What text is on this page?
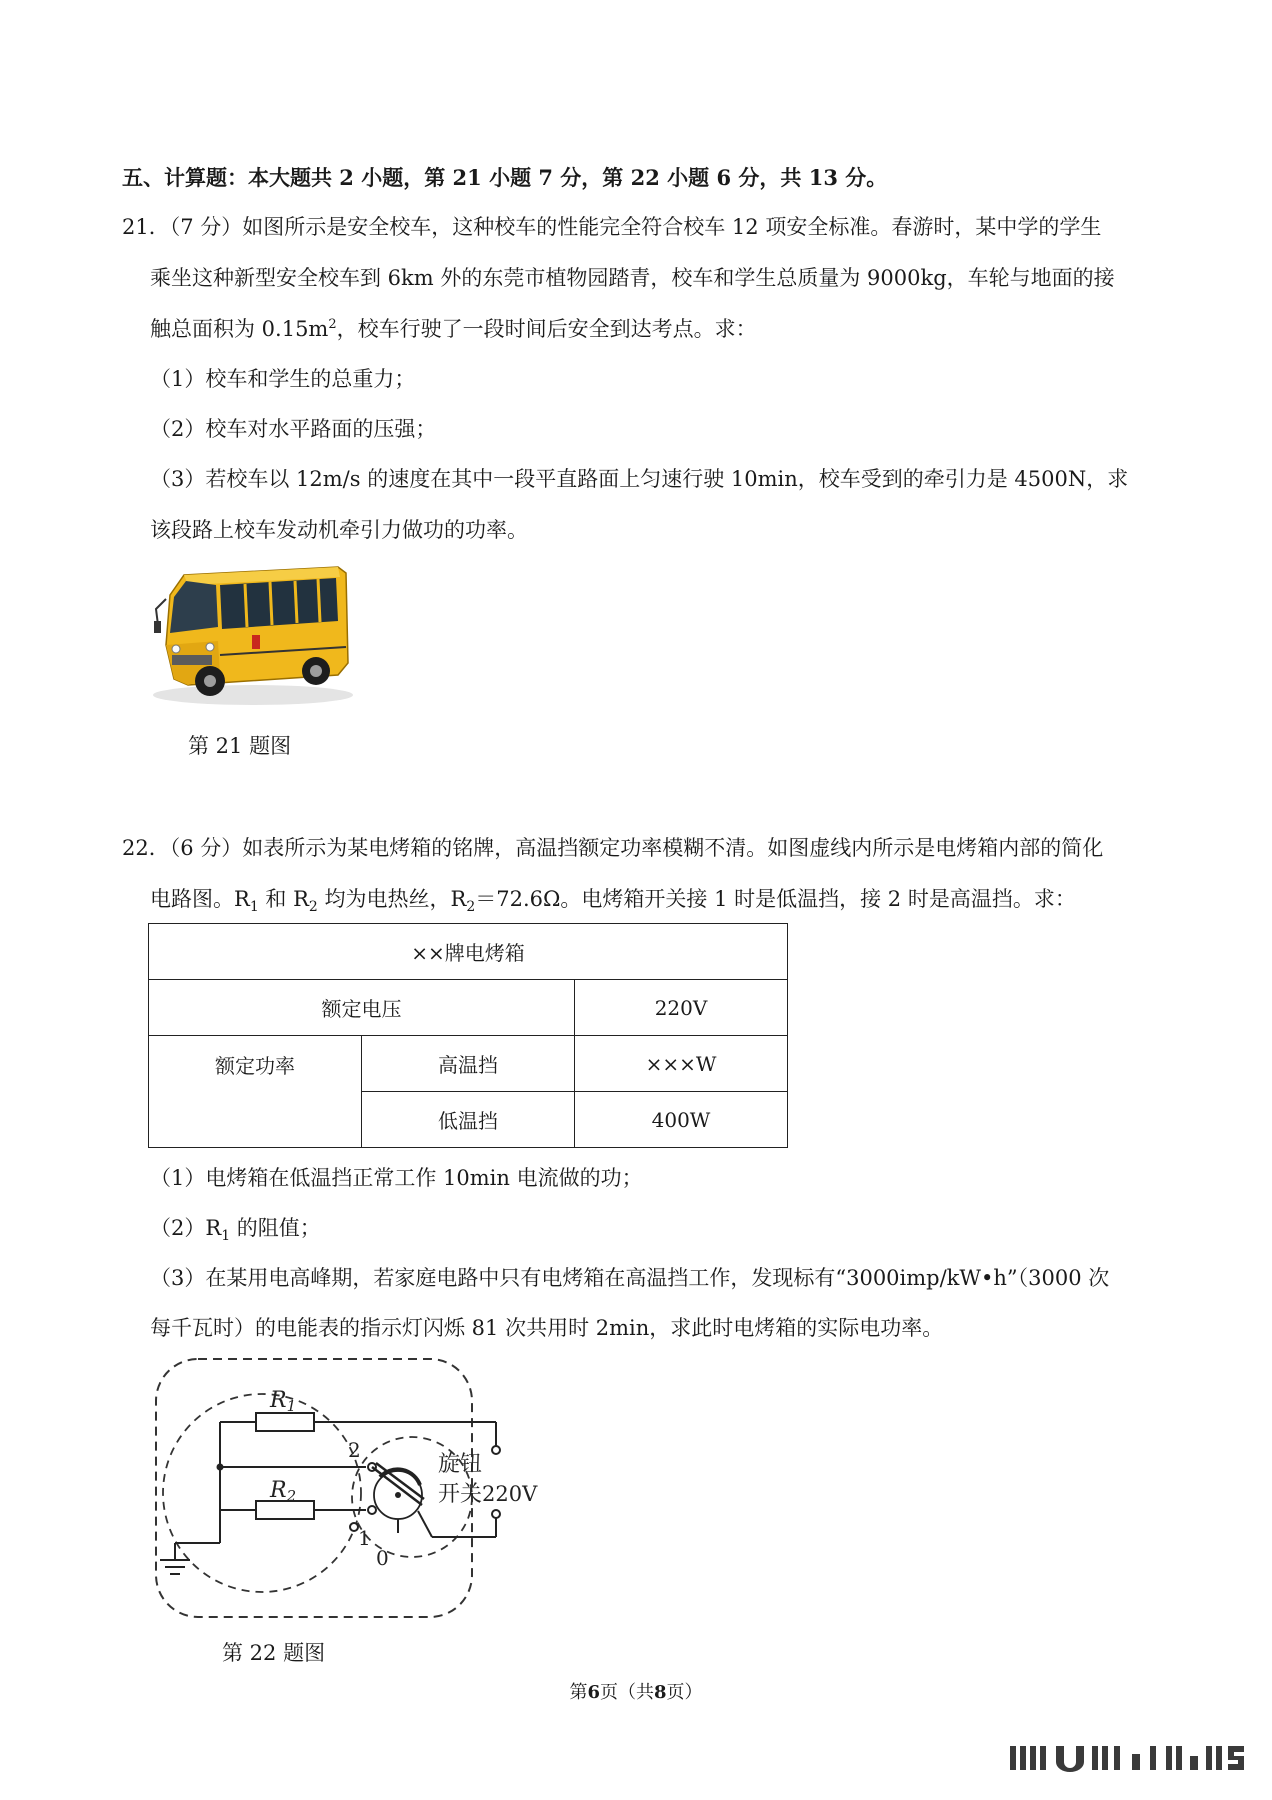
五、计算题：本大题共 2 小题，第 21 小题 7 分，第 22 小题 6 分，共 13 分。
21．（7 分）如图所示是安全校车，这种校车的性能完全符合校车 12 项安全标准。春游时，某中学的学生
乘坐这种新型安全校车到 6km 外的东莞市植物园踏青，校车和学生总质量为 9000kg，车轮与地面的接
触总面积为 $0.15m^2$，校车行驶了一段时间后安全到达考点。求：
（1）校车和学生的总重力；
（2）校车对水平路面的压强；
（3）若校车以 12m/s 的速度在其中一段平直路面上匀速行驶 10min，校车受到的牵引力是 4500N，求
该段路上校车发动机牵引力做功的功率。
第 21 题图
22．（6 分）如表所示为某电烤箱的铭牌，高温挡额定功率模糊不清。如图虚线内所示是电烤箱内部的简化
电路图。$R_1$ 和 $R_2$ 均为电热丝，$R_2=72.6\Omega$。电烤箱开关接 1 时是低温挡，接 2 时是高温挡。求：
××牌电烤箱		
额定电压		220V
额定功率	高温挡	×××W
	低温挡	400W
（1）电烤箱在低温挡正常工作 10min 电流做的功；
$(2)R_1$ 的阻值；
（3）在某用电高峰期，若家庭电路中只有电烤箱在高温挡工作，发现标有“3000imp/kW•h”（3000 次
每千瓦时）的电能表的指示灯闪烁 81 次共用时 2min，求此时电烤箱的实际电功率。
R1
R2
2
1
0
旋钮
开关 220V
第 22 题图
第6页（共8页）
